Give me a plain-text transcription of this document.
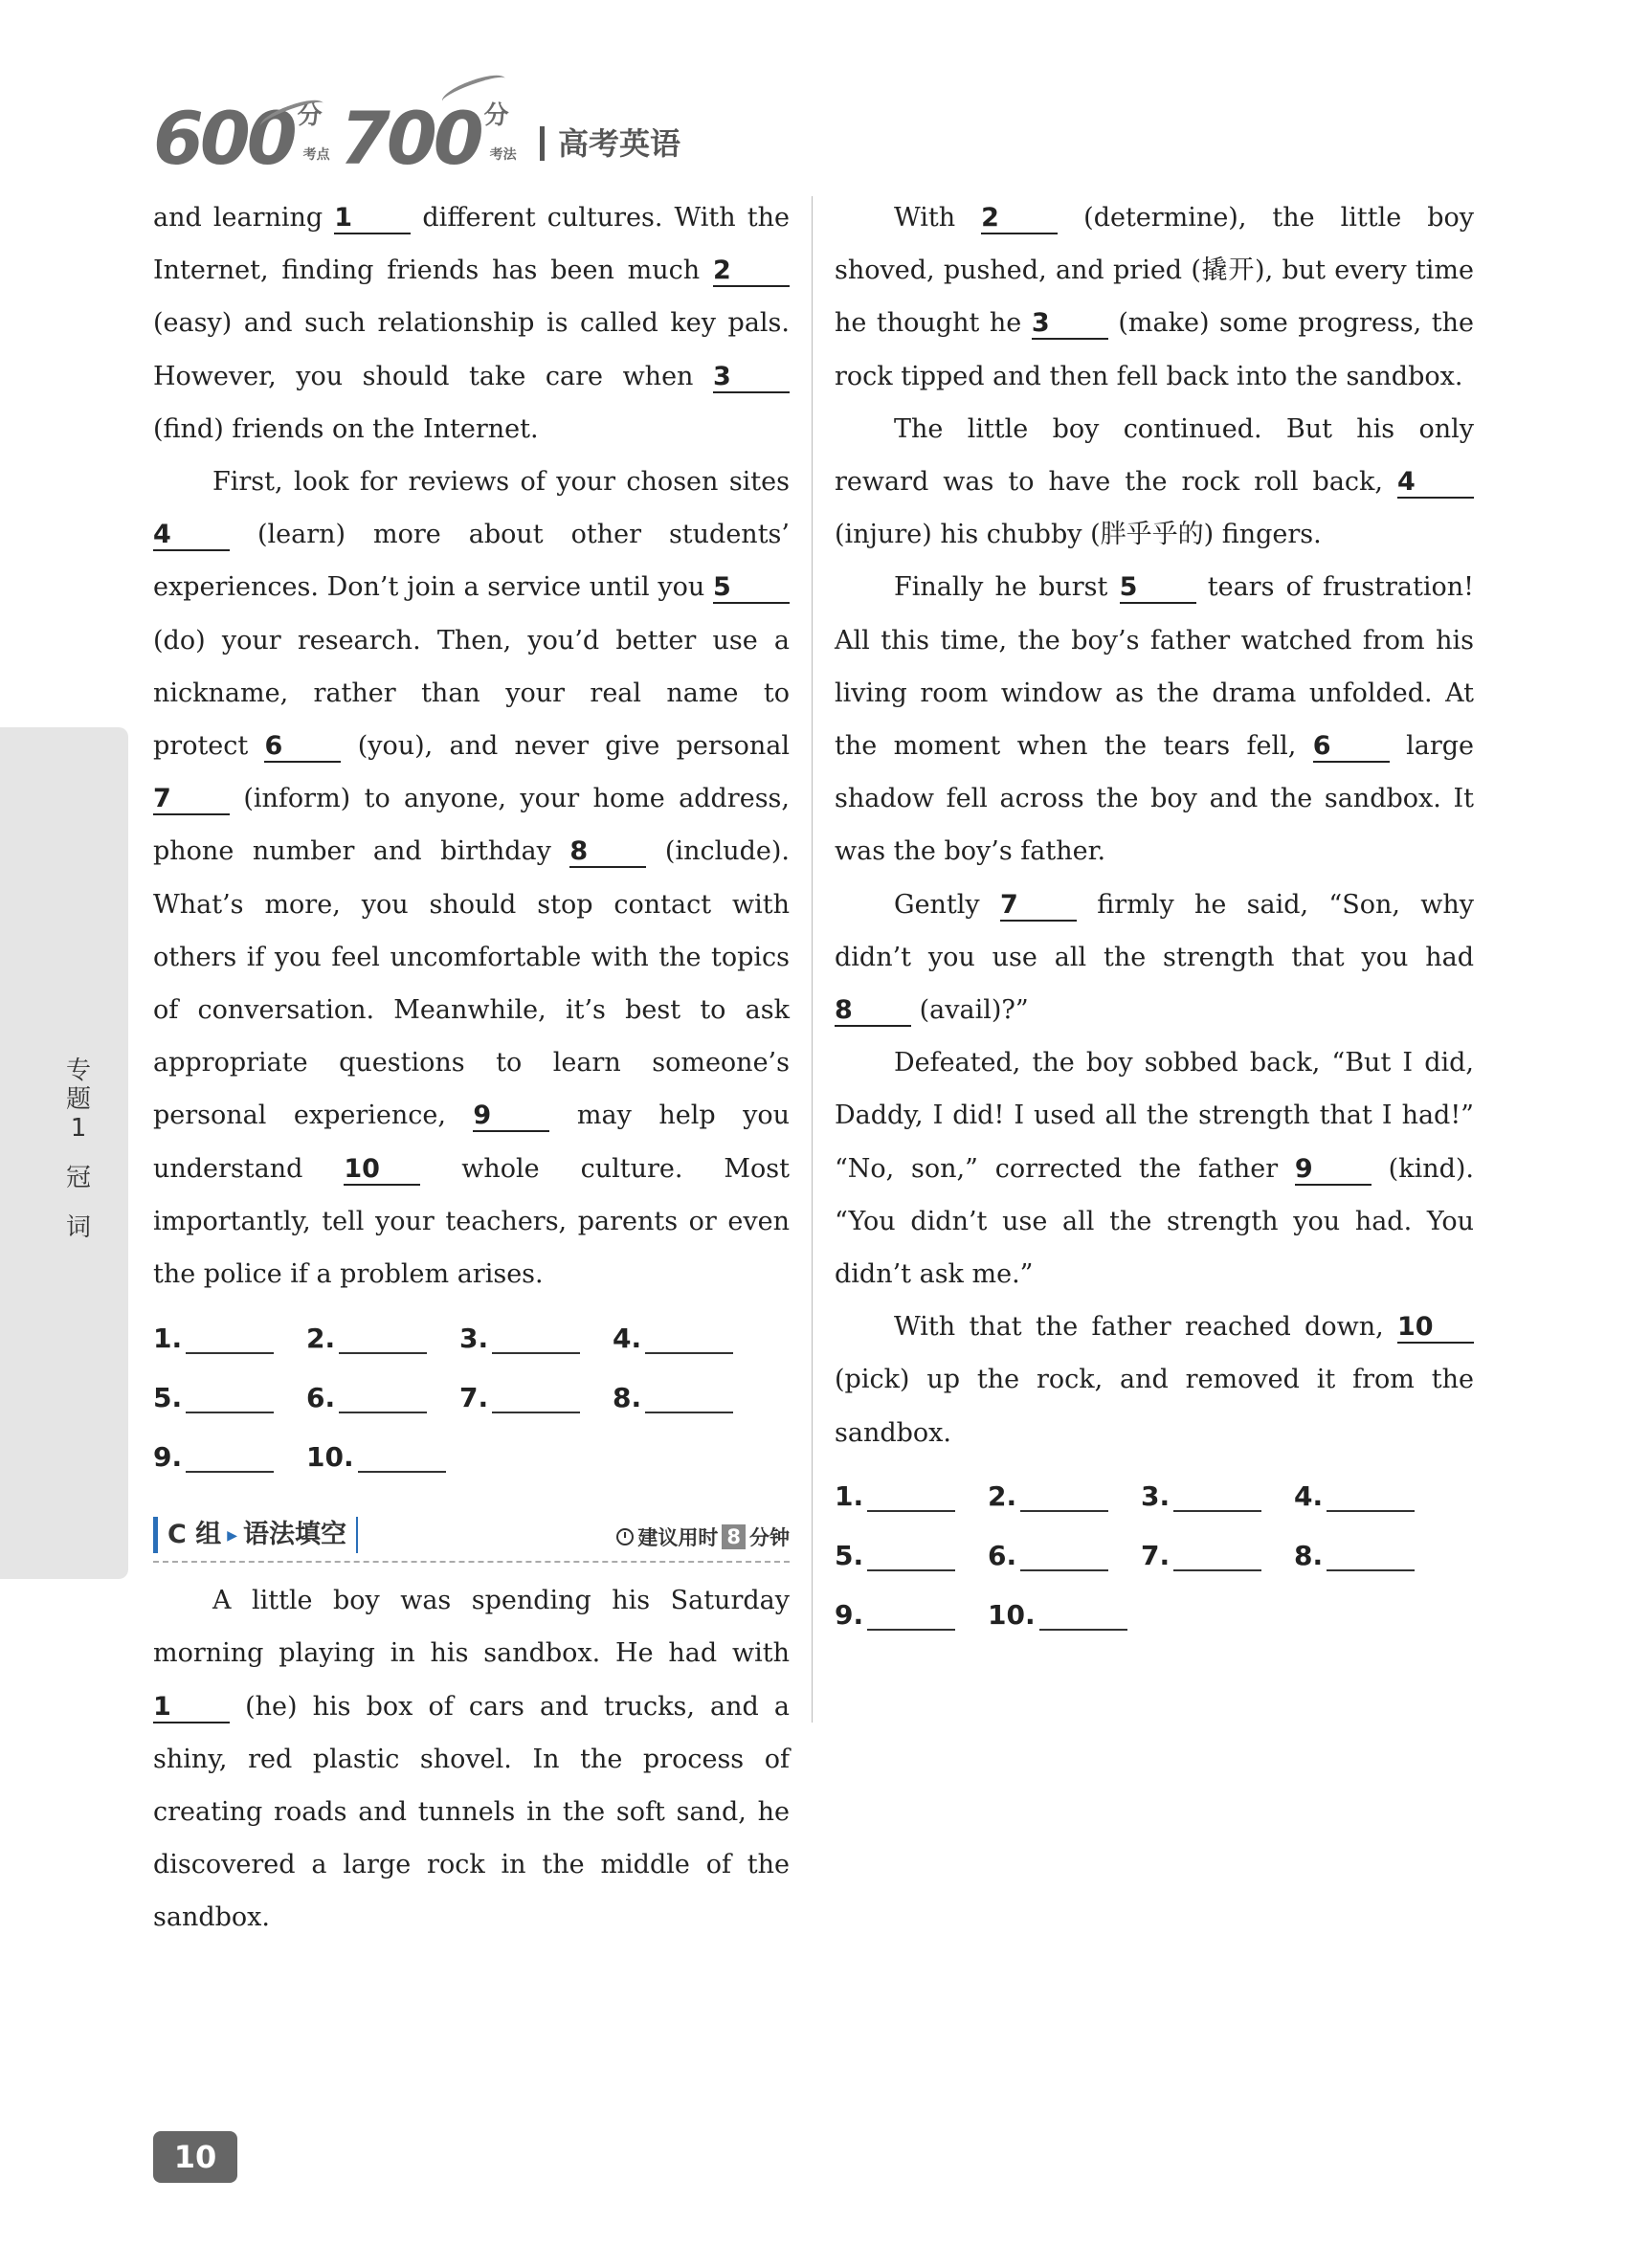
600 分
考点 700 分
考法	高考英语
专题
1
冠
词

and learning 1 different cultures. With the Internet, finding friends has been much 2 (easy) and such relationship is called key pals. However, you should take care when 3 (find) friends on the Internet.

First, look for reviews of your chosen sites 4 (learn) more about other students’ experiences. Don’t join a service until you 5 (do) your research. Then, you’d better use a nickname, rather than your real name to protect 6 (you), and never give personal 7 (inform) to anyone, your home address, phone number and birthday 8 (include). What’s more, you should stop contact with others if you feel uncomfortable with the topics of conversation. Meanwhile, it’s best to ask appropriate questions to learn someone’s personal experience, 9 may help you understand 10 whole culture. Most importantly, tell your teachers, parents or even the police if a problem arises.

1.	2.	3.	4.
5.	6.	7.	8.
9.	10.
C 组 ▶ 语法填空	建议用时 8 分钟

A little boy was spending his Saturday morning playing in his sandbox. He had with 1 (he) his box of cars and trucks, and a shiny, red plastic shovel. In the process of creating roads and tunnels in the soft sand, he discovered a large rock in the middle of the sandbox.

With 2 (determine), the little boy shoved, pushed, and pried (撬开), but every time he thought he 3 (make) some progress, the rock tipped and then fell back into the sandbox.

The little boy continued. But his only reward was to have the rock roll back, 4 (injure) his chubby (胖乎乎的) fingers.

Finally he burst 5 tears of frustration! All this time, the boy’s father watched from his living room window as the drama unfolded. At the moment when the tears fell, 6 large shadow fell across the boy and the sandbox. It was the boy’s father.

Gently 7 firmly he said, “Son, why didn’t you use all the strength that you had 8 (avail)?”

Defeated, the boy sobbed back, “But I did, Daddy, I did! I used all the strength that I had!” “No, son,” corrected the father 9 (kind). “You didn’t use all the strength you had. You didn’t ask me.”

With that the father reached down, 10 (pick) up the rock, and removed it from the sandbox.

1.	2.	3.	4.
5.	6.	7.	8.
9.	10.
10
